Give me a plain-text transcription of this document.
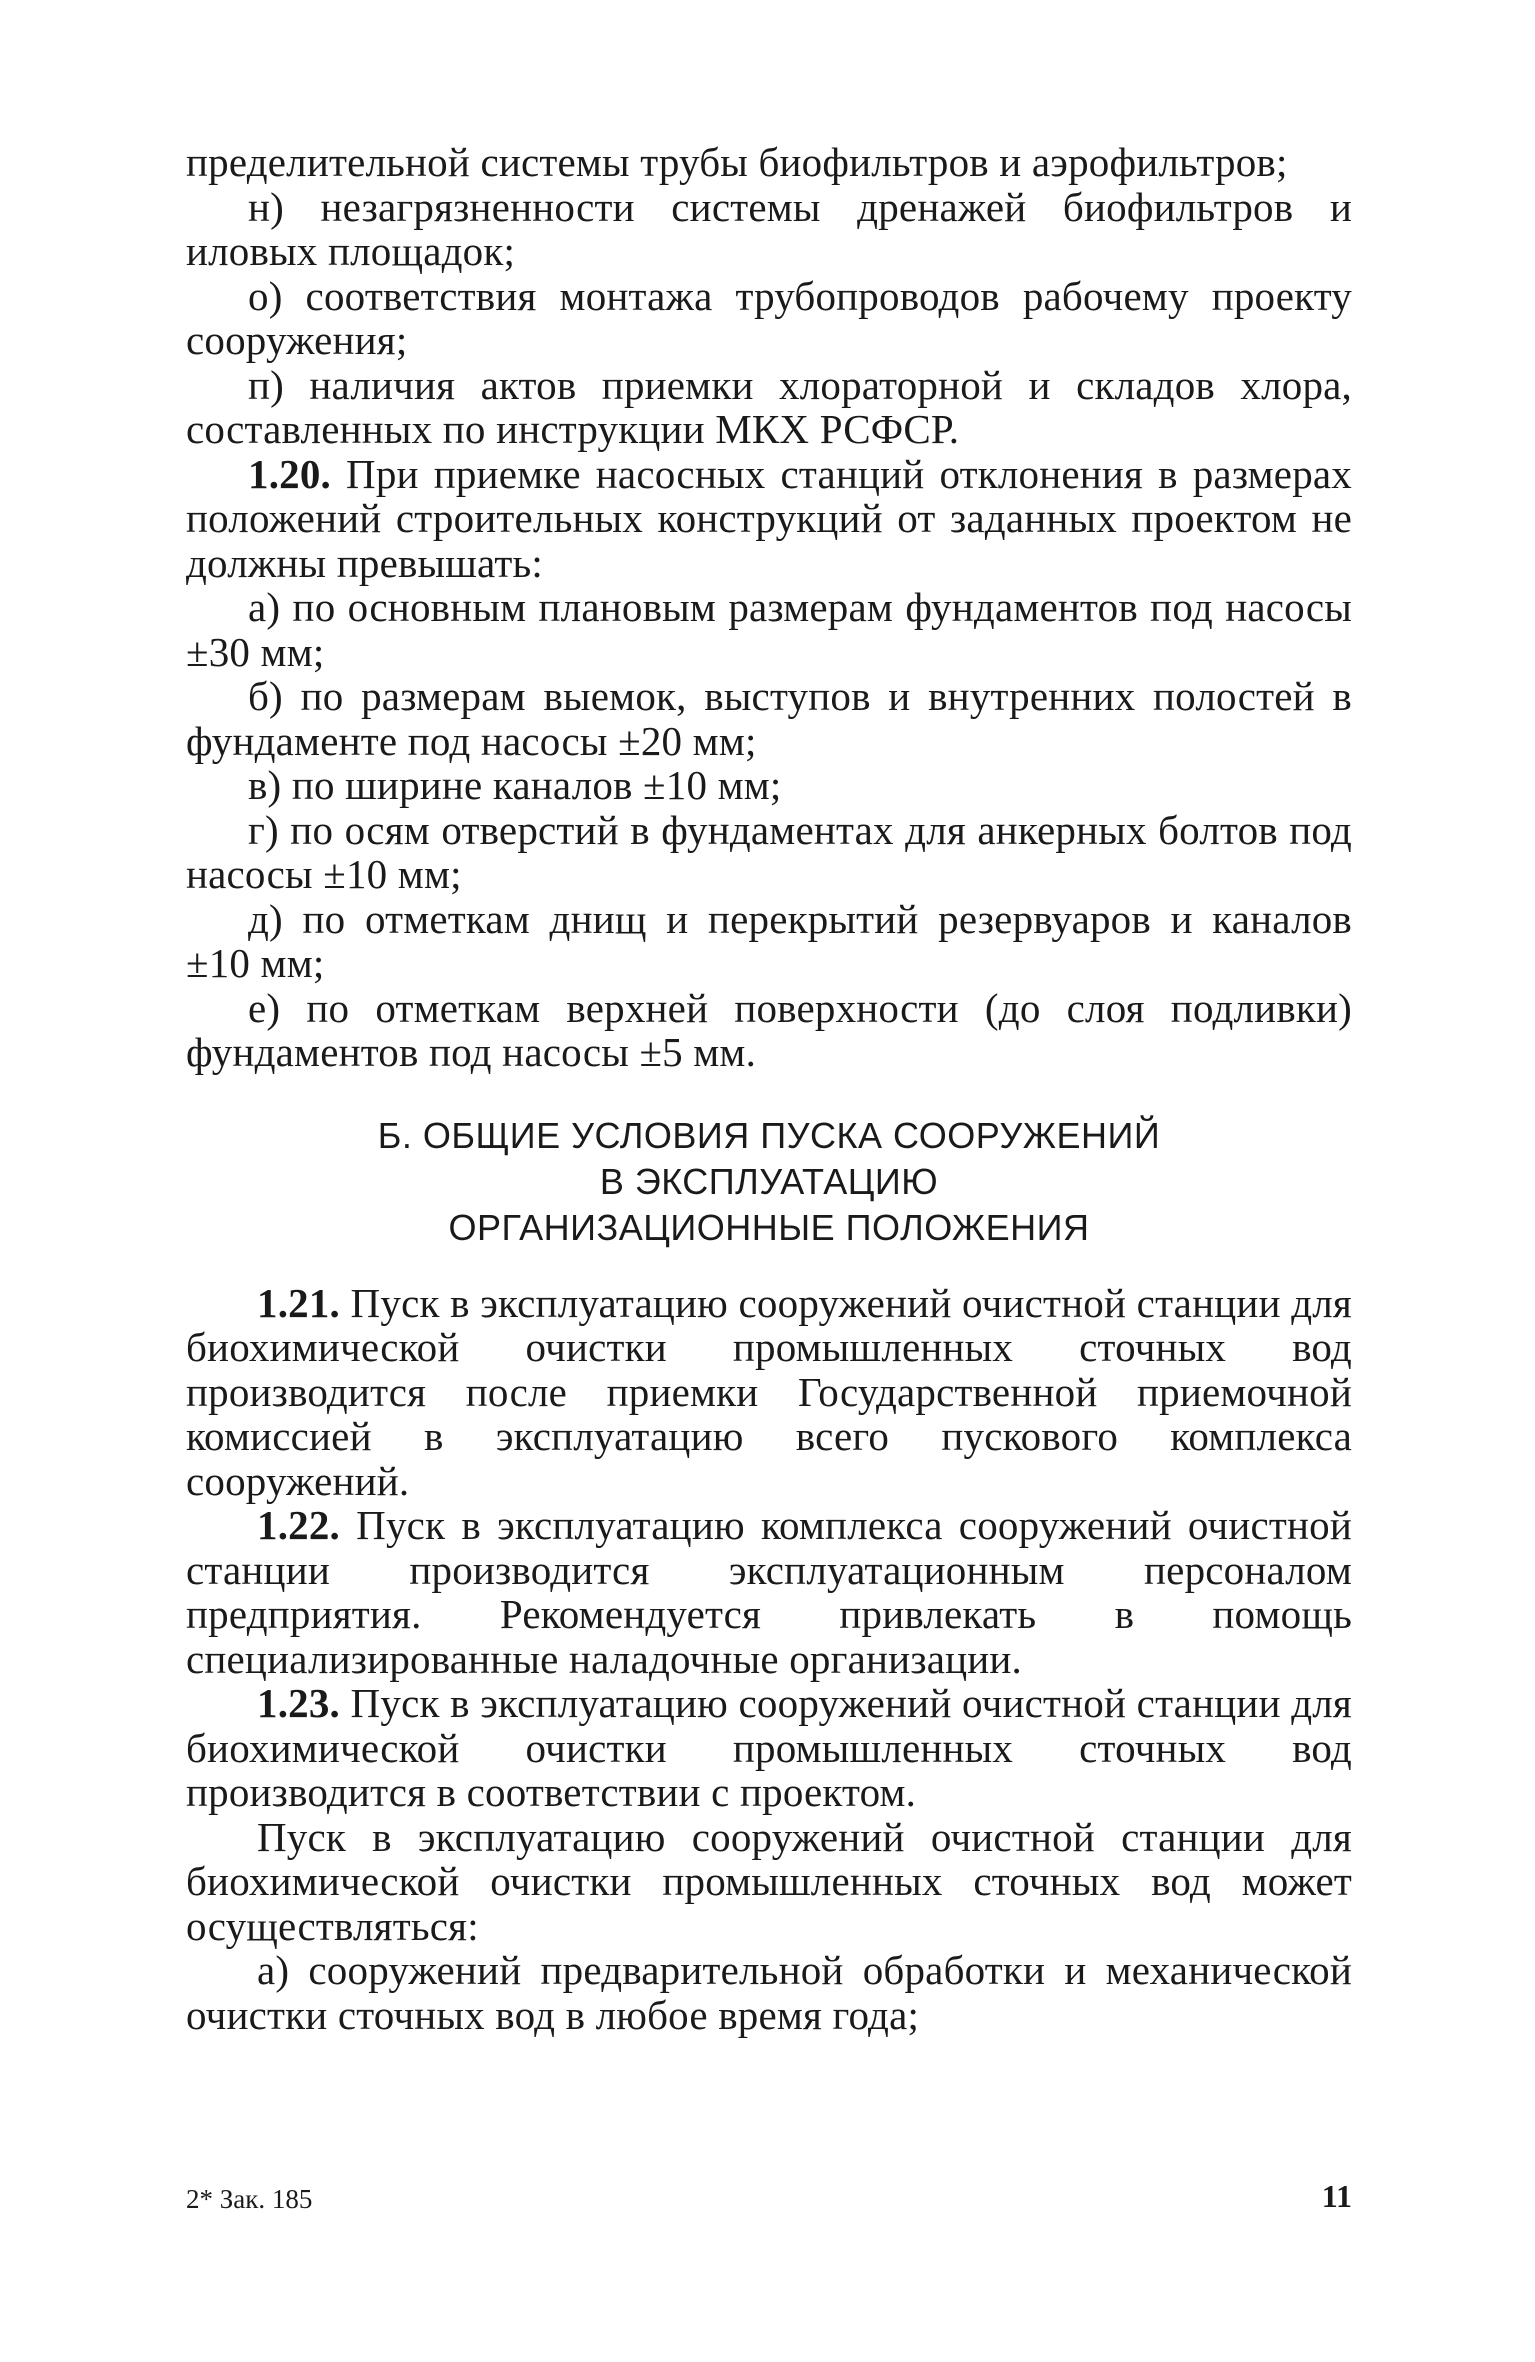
пределительной системы трубы биофильтров и аэрофильтров;

н) незагрязненности системы дренажей биофильтров и иловых площадок;

о) соответствия монтажа трубопроводов рабочему проекту сооружения;

п) наличия актов приемки хлораторной и складов хлора, составленных по инструкции МКХ РСФСР.

1.20. При приемке насосных станций отклонения в размерах положений строительных конструкций от заданных проектом не должны превышать:

а) по основным плановым размерам фундаментов под насосы ±30 мм;

б) по размерам выемок, выступов и внутренних полостей в фундаменте под насосы ±20 мм;

в) по ширине каналов ±10 мм;

г) по осям отверстий в фундаментах для анкерных болтов под насосы ±10 мм;

д) по отметкам днищ и перекрытий резервуаров и каналов ±10 мм;

е) по отметкам верхней поверхности (до слоя подливки) фундаментов под насосы ±5 мм.

Б. ОБЩИЕ УСЛОВИЯ ПУСКА СООРУЖЕНИЙ

В ЭКСПЛУАТАЦИЮ

ОРГАНИЗАЦИОННЫЕ ПОЛОЖЕНИЯ

1.21. Пуск в эксплуатацию сооружений очистной станции для биохимической очистки промышленных сточных вод производится после приемки Государственной приемочной комиссией в эксплуатацию всего пускового комплекса сооружений.

1.22. Пуск в эксплуатацию комплекса сооружений очистной станции производится эксплуатационным персоналом предприятия. Рекомендуется привлекать в помощь специализированные наладочные организации.

1.23. Пуск в эксплуатацию сооружений очистной станции для биохимической очистки промышленных сточных вод производится в соответствии с проектом.

Пуск в эксплуатацию сооружений очистной станции для биохимической очистки промышленных сточных вод может осуществляться:

а) сооружений предварительной обработки и механической очистки сточных вод в любое время года;

2* Зак. 185	11
